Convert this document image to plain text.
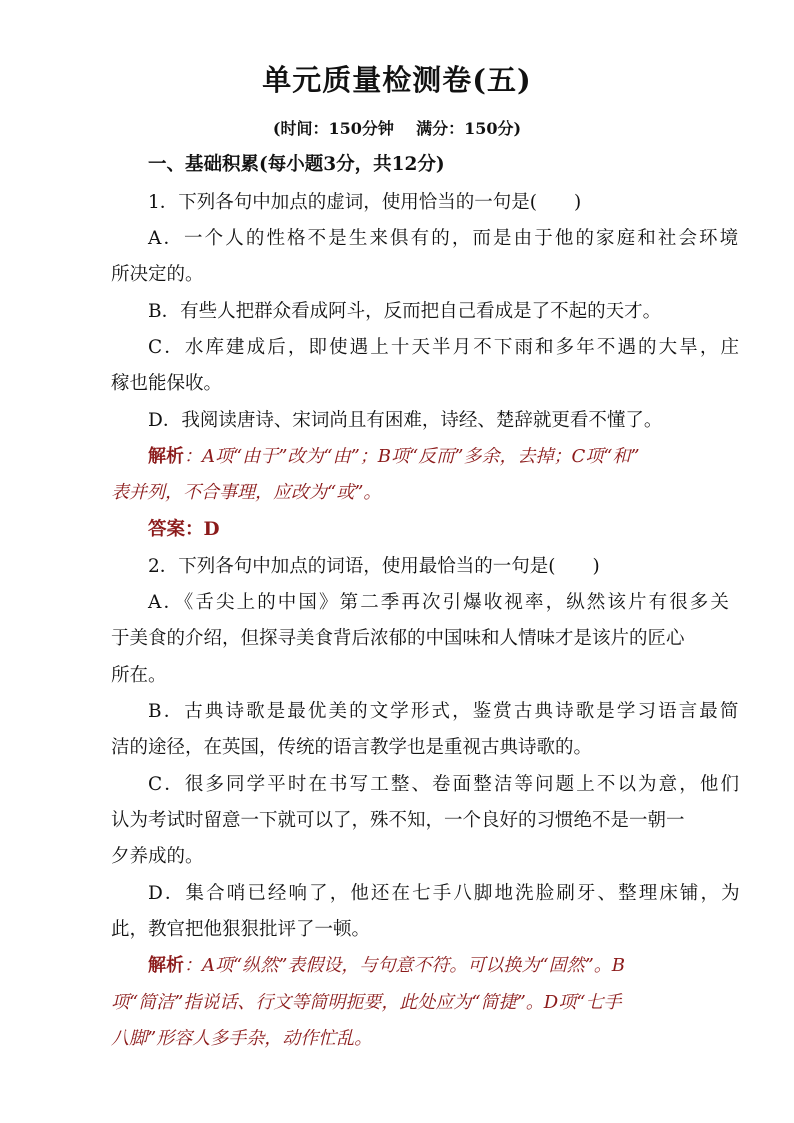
单元质量检测卷(五)
(时间：150分钟    满分：150分)
一、基础积累(每小题3分，共12分)
1．下列各句中加点的虚词，使用恰当的一句是(　　)
A．一个人的性格不是生来俱有的，而是由于他的家庭和社会环境
所决定的。
B．有些人把群众看成阿斗，反而把自己看成是了不起的天才。
C．水库建成后，即使遇上十天半月不下雨和多年不遇的大旱，庄
稼也能保收。
D．我阅读唐诗、宋词尚且有困难，诗经、楚辞就更看不懂了。
解析：A项“由于”改为“由”；B项“反而”多余，去掉；C项“和”
表并列，不合事理，应改为“或”。
答案：D
2．下列各句中加点的词语，使用最恰当的一句是(　　)
A．《舌尖上的中国》第二季再次引爆收视率，纵然该片有很多关
于美食的介绍，但探寻美食背后浓郁的中国味和人情味才是该片的匠心
所在。
B．古典诗歌是最优美的文学形式，鉴赏古典诗歌是学习语言最简
洁的途径，在英国，传统的语言教学也是重视古典诗歌的。
C．很多同学平时在书写工整、卷面整洁等问题上不以为意，他们
认为考试时留意一下就可以了，殊不知，一个良好的习惯绝不是一朝一
夕养成的。
D．集合哨已经响了，他还在七手八脚地洗脸刷牙、整理床铺，为
此，教官把他狠狠批评了一顿。
解析：A项“纵然”表假设，与句意不符。可以换为“固然”。B
项“简洁”指说话、行文等简明扼要，此处应为“简捷”。D项“七手
八脚”形容人多手杂，动作忙乱。
